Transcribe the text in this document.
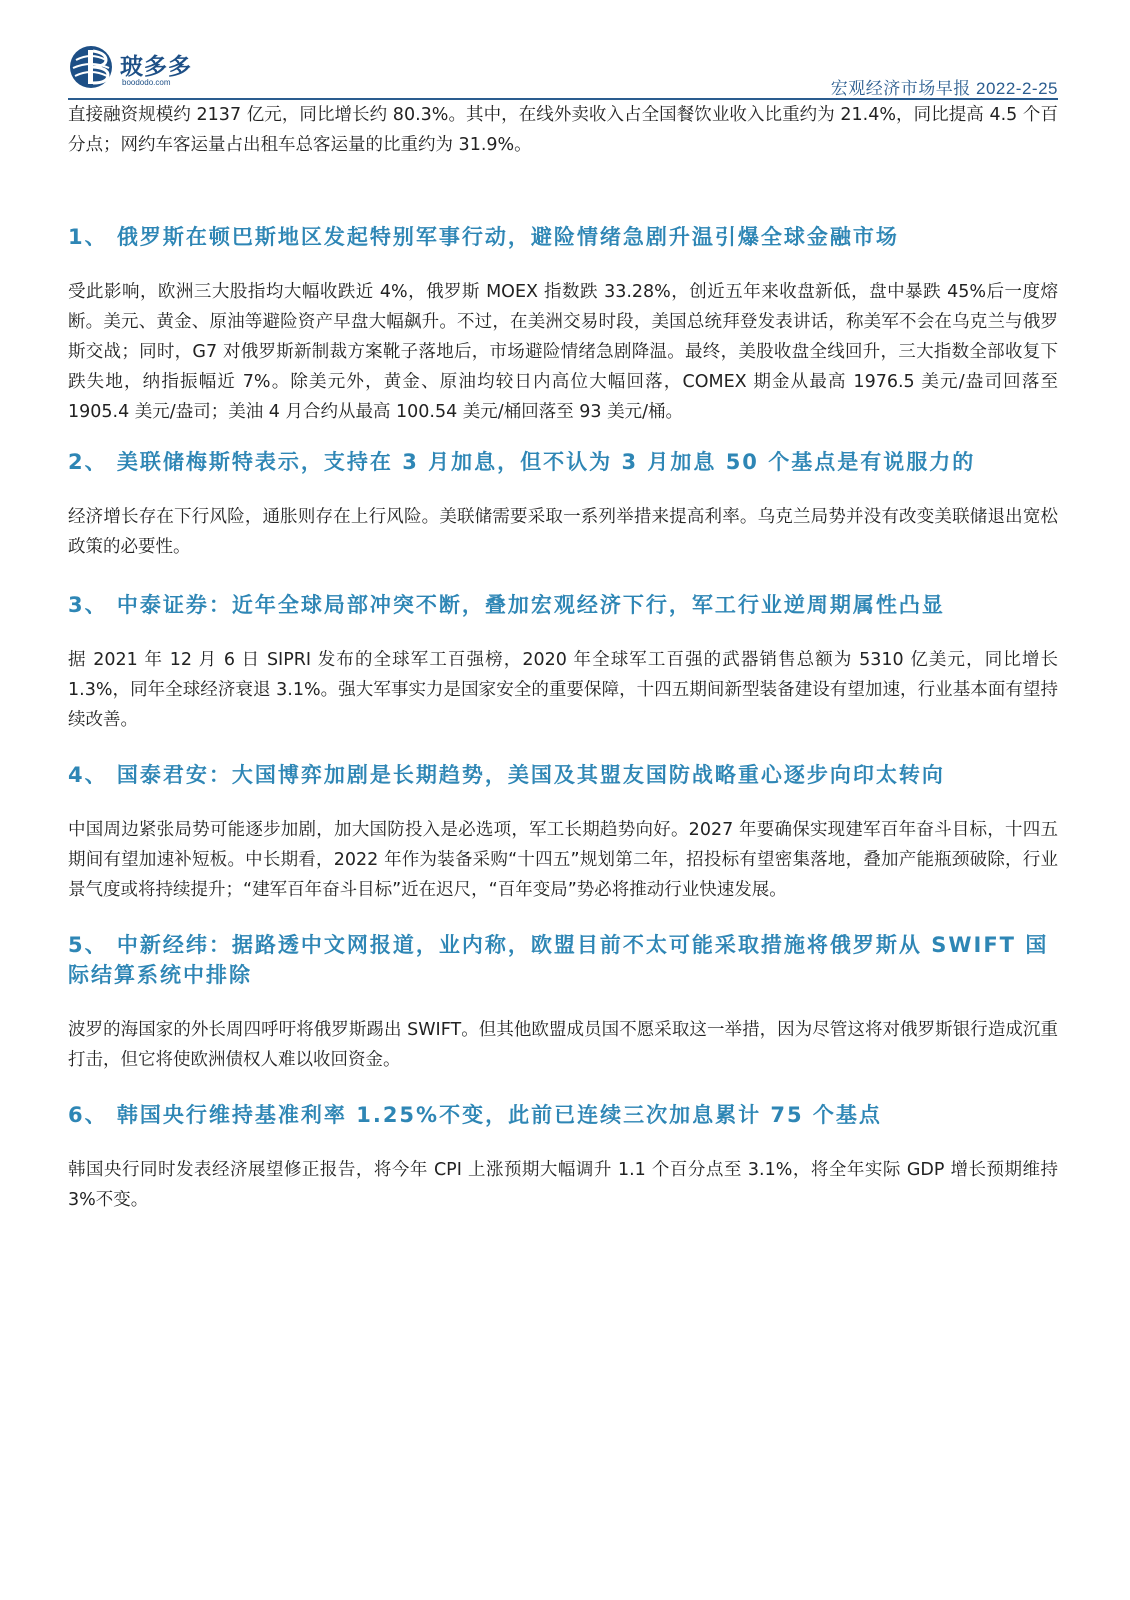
玻多多
boododo.com	宏观经济市场早报 2022-2-25

直接融资规模约 2137 亿元，同比增长约 80.3%。其中，在线外卖收入占全国餐饮业收入比重约为 21.4%，同比提高 4.5 个百分点；网约车客运量占出租车总客运量的比重约为 31.9%。

1、 俄罗斯在顿巴斯地区发起特别军事行动，避险情绪急剧升温引爆全球金融市场

受此影响，欧洲三大股指均大幅收跌近 4%，俄罗斯 MOEX 指数跌 33.28%，创近五年来收盘新低，盘中暴跌 45%后一度熔断。美元、黄金、原油等避险资产早盘大幅飙升。不过，在美洲交易时段，美国总统拜登发表讲话，称美军不会在乌克兰与俄罗斯交战；同时，G7 对俄罗斯新制裁方案靴子落地后，市场避险情绪急剧降温。最终，美股收盘全线回升，三大指数全部收复下跌失地，纳指振幅近 7%。除美元外，黄金、原油均较日内高位大幅回落，COMEX 期金从最高 1976.5 美元/盎司回落至 1905.4 美元/盎司；美油 4 月合约从最高 100.54 美元/桶回落至 93 美元/桶。

2、 美联储梅斯特表示，支持在 3 月加息，但不认为 3 月加息 50 个基点是有说服力的

经济增长存在下行风险，通胀则存在上行风险。美联储需要采取一系列举措来提高利率。乌克兰局势并没有改变美联储退出宽松政策的必要性。

3、 中泰证券：近年全球局部冲突不断，叠加宏观经济下行，军工行业逆周期属性凸显

据 2021 年 12 月 6 日 SIPRI 发布的全球军工百强榜，2020 年全球军工百强的武器销售总额为 5310 亿美元，同比增长 1.3%，同年全球经济衰退 3.1%。强大军事实力是国家安全的重要保障，十四五期间新型装备建设有望加速，行业基本面有望持续改善。

4、 国泰君安：大国博弈加剧是长期趋势，美国及其盟友国防战略重心逐步向印太转向

中国周边紧张局势可能逐步加剧，加大国防投入是必选项，军工长期趋势向好。2027 年要确保实现建军百年奋斗目标，十四五期间有望加速补短板。中长期看，2022 年作为装备采购“十四五”规划第二年，招投标有望密集落地，叠加产能瓶颈破除，行业景气度或将持续提升；“建军百年奋斗目标”近在迟尺，“百年变局”势必将推动行业快速发展。

5、 中新经纬：据路透中文网报道，业内称，欧盟目前不太可能采取措施将俄罗斯从 SWIFT 国际结算系统中排除

波罗的海国家的外长周四呼吁将俄罗斯踢出 SWIFT。但其他欧盟成员国不愿采取这一举措，因为尽管这将对俄罗斯银行造成沉重打击，但它将使欧洲债权人难以收回资金。

6、 韩国央行维持基准利率 1.25%不变，此前已连续三次加息累计 75 个基点

韩国央行同时发表经济展望修正报告，将今年 CPI 上涨预期大幅调升 1.1 个百分点至 3.1%，将全年实际 GDP 增长预期维持 3%不变。
